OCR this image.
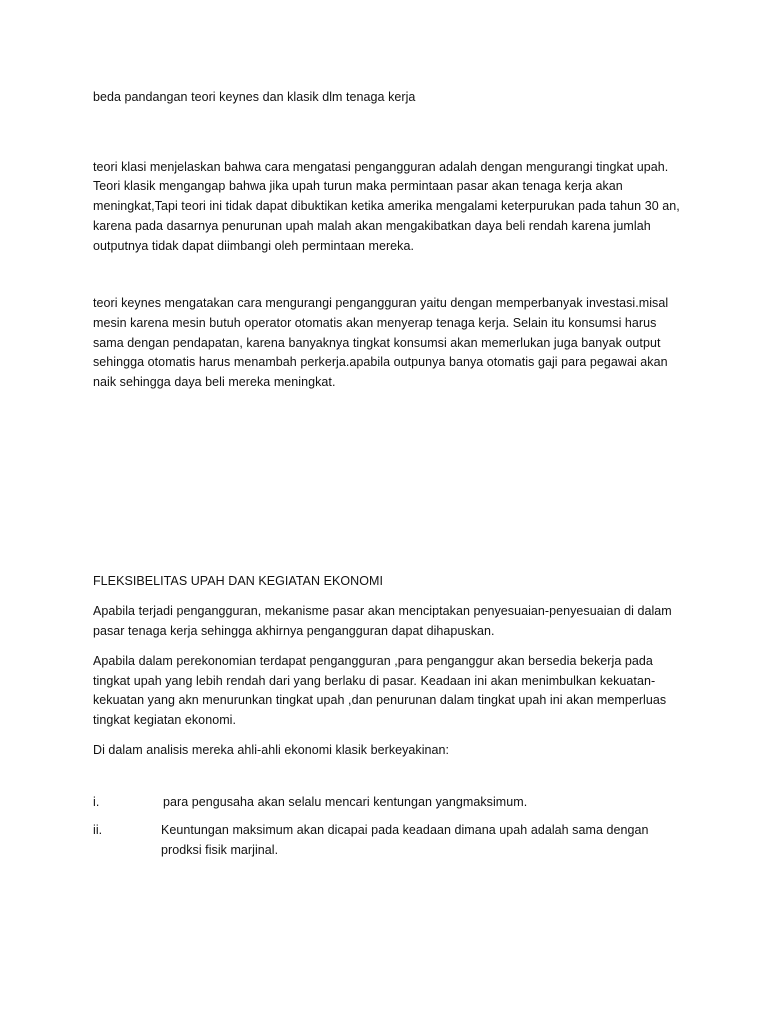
beda pandangan teori keynes dan klasik dlm tenaga kerja

teori klasi menjelaskan bahwa cara mengatasi pengangguran adalah dengan mengurangi tingkat upah. Teori klasik mengangap bahwa jika upah turun maka permintaan pasar akan tenaga kerja akan meningkat,Tapi teori ini tidak dapat dibuktikan ketika amerika mengalami keterpurukan pada tahun 30 an, karena pada dasarnya penurunan upah malah akan mengakibatkan daya beli rendah karena jumlah outputnya tidak dapat diimbangi oleh permintaan mereka.

teori keynes mengatakan cara mengurangi pengangguran yaitu dengan memperbanyak investasi.misal mesin karena mesin butuh operator otomatis akan menyerap tenaga kerja. Selain itu konsumsi harus sama dengan pendapatan, karena banyaknya tingkat konsumsi akan memerlukan juga banyak output sehingga otomatis harus menambah perkerja.apabila outpunya banya otomatis gaji para pegawai akan naik sehingga daya beli mereka meningkat.

FLEKSIBELITAS UPAH DAN KEGIATAN EKONOMI

Apabila terjadi pengangguran, mekanisme pasar akan menciptakan penyesuaian-penyesuaian di dalam pasar tenaga kerja sehingga akhirnya pengangguran dapat dihapuskan.

Apabila dalam perekonomian terdapat pengangguran ,para penganggur akan bersedia bekerja pada tingkat upah yang lebih rendah dari yang berlaku di pasar. Keadaan ini akan menimbulkan kekuatan-kekuatan yang akn menurunkan tingkat upah ,dan penurunan dalam tingkat upah ini akan memperluas tingkat kegiatan ekonomi.

Di dalam analisis mereka ahli-ahli ekonomi klasik berkeyakinan:

i.	para pengusaha akan selalu mencari kentungan yangmaksimum.
ii.	Keuntungan maksimum akan dicapai pada keadaan dimana upah adalah sama dengan prodksi fisik marjinal.
